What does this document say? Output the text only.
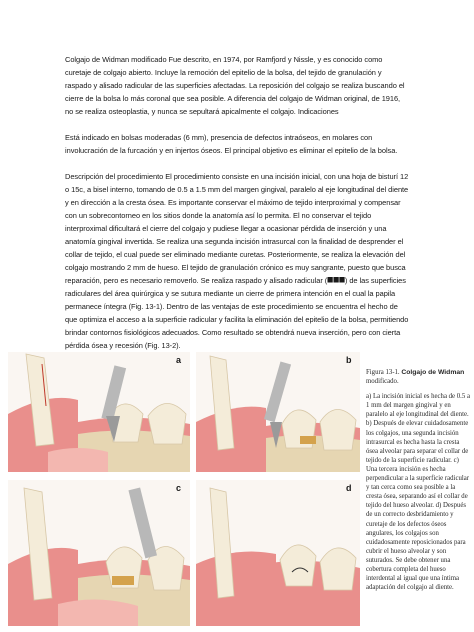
Colgajo de Widman modificado Fue descrito, en 1974, por Ramfjord y Nissle, y es conocido como curetaje de colgajo abierto. Incluye la remoción del epitelio de la bolsa, del tejido de granulación y raspado y alisado radicular de las superficies afectadas. La reposición del colgajo se realiza buscando el cierre de la bolsa lo más coronal que sea posible. A diferencia del colgajo de Widman original, de 1916, no se realiza osteoplastia, y nunca se sepultará apicalmente el colgajo. Indicaciones

Está indicado en bolsas moderadas (6 mm), presencia de defectos intraóseos, en molares con involucración de la furcación y en injertos óseos. El principal objetivo es eliminar el epitelio de la bolsa.

Descripción del procedimiento El procedimiento consiste en una incisión inicial, con una hoja de bisturí 12 o 15c, a bisel interno, tomando de 0.5 a 1.5 mm del margen gingival, paralelo al eje longitudinal del diente y en dirección a la cresta ósea. Es importante conservar el máximo de tejido interproximal y compensar con un sobrecontorneo en los sitios donde la anatomía así lo permita. El no conservar el tejido interproximal dificultará el cierre del colgajo y pudiese llegar a ocasionar pérdida de inserción y una anatomía gingival invertida. Se realiza una segunda incisión intrasurcal con la finalidad de desprender el collar de tejido, el cual puede ser eliminado mediante curetas. Posteriormente, se realiza la elevación del colgajo mostrando 2 mm de hueso. El tejido de granulación crónico es muy sangrante, puesto que busca reparación, pero es necesario removerlo. Se realiza raspado y alisado radicular (⯀⯀⯀) de las superficies radiculares del área quirúrgica y se sutura mediante un cierre de primera intención en el cual la papila permanece íntegra (Fig. 13-1). Dentro de las ventajas de este procedimiento se encuentra el hecho de que optimiza el acceso a la superficie radicular y facilita la eliminación del epitelio de la bolsa, permitiendo brindar contornos fisiológicos adecuados. Como resultado se obtendrá nueva inserción, pero con cierta pérdida ósea y recesión (Fig. 13-2).

a	b
c	d

Figura 13-1. Colgajo de Widman modificado.

a) La incisión inicial es hecha de 0.5 a 1 mm del margen gingival y en paralelo al eje longitudinal del diente. b) Después de elevar cuidadosamente los colgajos, una segunda incisión intrasurcal es hecha hasta la cresta ósea alveolar para separar el collar de tejido de la superficie radicular. c) Una tercera incisión es hecha perpendicular a la superficie radicular y tan cerca como sea posible a la cresta ósea, separando así el collar de tejido del hueso alveolar. d) Después de un correcto desbridamiento y curetaje de los defectos óseos angulares, los colgajos son cuidadosamente reposicionados para cubrir el hueso alveolar y son suturados. Se debe obtener una cobertura completa del hueso interdental al igual que una íntima adaptación del colgajo al diente.
